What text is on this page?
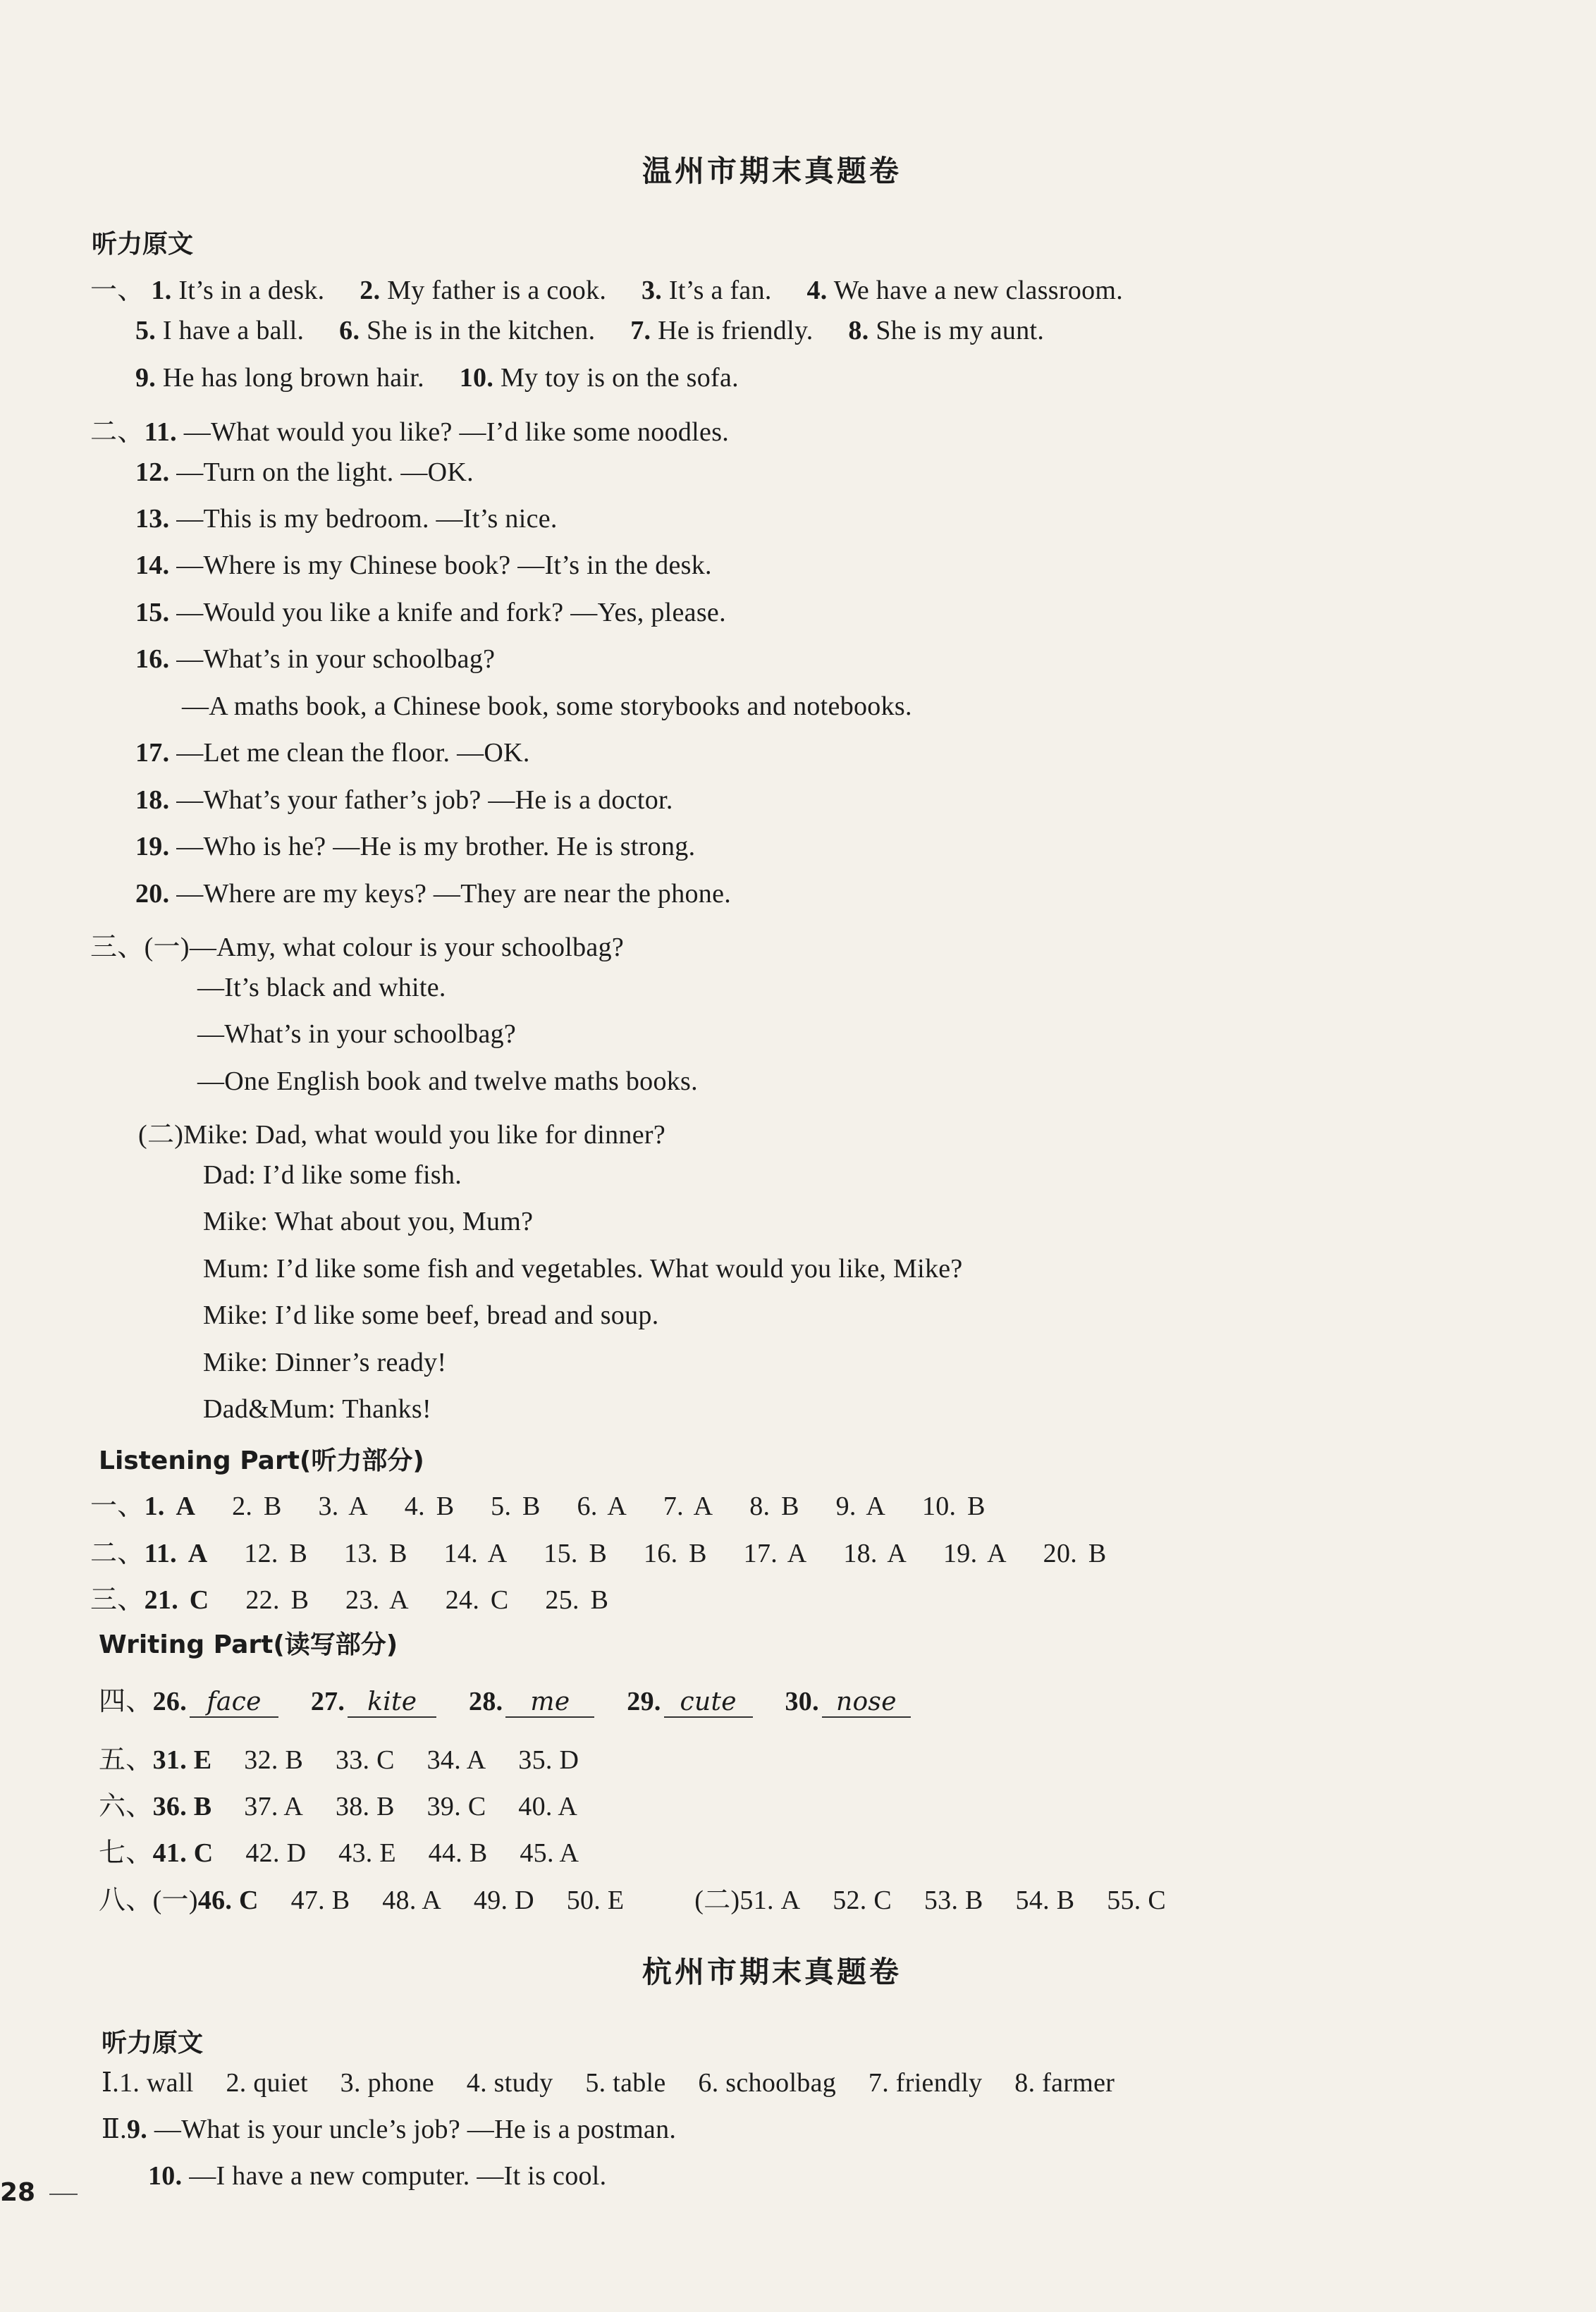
温州市期末真题卷
听力原文
一、 1. It’s in a desk. 2. My father is a cook. 3. It’s a fan. 4. We have a new classroom.
5. I have a ball. 6. She is in the kitchen. 7. He is friendly. 8. She is my aunt.
9. He has long brown hair. 10. My toy is on the sofa.
二、11. —What would you like? —I’d like some noodles.
12. —Turn on the light. —OK.
13. —This is my bedroom. —It’s nice.
14. —Where is my Chinese book? —It’s in the desk.
15. —Would you like a knife and fork? —Yes, please.
16. —What’s in your schoolbag?
—A maths book, a Chinese book, some storybooks and notebooks.
17. —Let me clean the floor. —OK.
18. —What’s your father’s job? —He is a doctor.
19. —Who is he? —He is my brother. He is strong.
20. —Where are my keys? —They are near the phone.
三、(一)—Amy, what colour is your schoolbag?
—It’s black and white.
—What’s in your schoolbag?
—One English book and twelve maths books.
(二)Mike: Dad, what would you like for dinner?
Dad: I’d like some fish.
Mike: What about you, Mum?
Mum: I’d like some fish and vegetables. What would you like, Mike?
Mike: I’d like some beef, bread and soup.
Mike: Dinner’s ready!
Dad&Mum: Thanks!
Listening Part(听力部分)
一、1. A 2. B 3. A 4. B 5. B 6. A 7. A 8. B 9. A 10. B
二、11. A 12. B 13. B 14. A 15. B 16. B 17. A 18. A 19. A 20. B
三、21. C 22. B 23. A 24. C 25. B
Writing Part(读写部分)
四、26. face 27. kite 28. me 29. cute 30. nose
五、31. E 32. B 33. C 34. A 35. D
六、36. B 37. A 38. B 39. C 40. A
七、41. C 42. D 43. E 44. B 45. A
八、(一)46. C 47. B 48. A 49. D 50. E	(二)51. A 52. C 53. B 54. B 55. C
杭州市期末真题卷
听力原文
Ⅰ.1. wall 2. quiet 3. phone 4. study 5. table 6. schoolbag 7. friendly 8. farmer
Ⅱ.9. —What is your uncle’s job? —He is a postman.
10. —I have a new computer. —It is cool.
28
